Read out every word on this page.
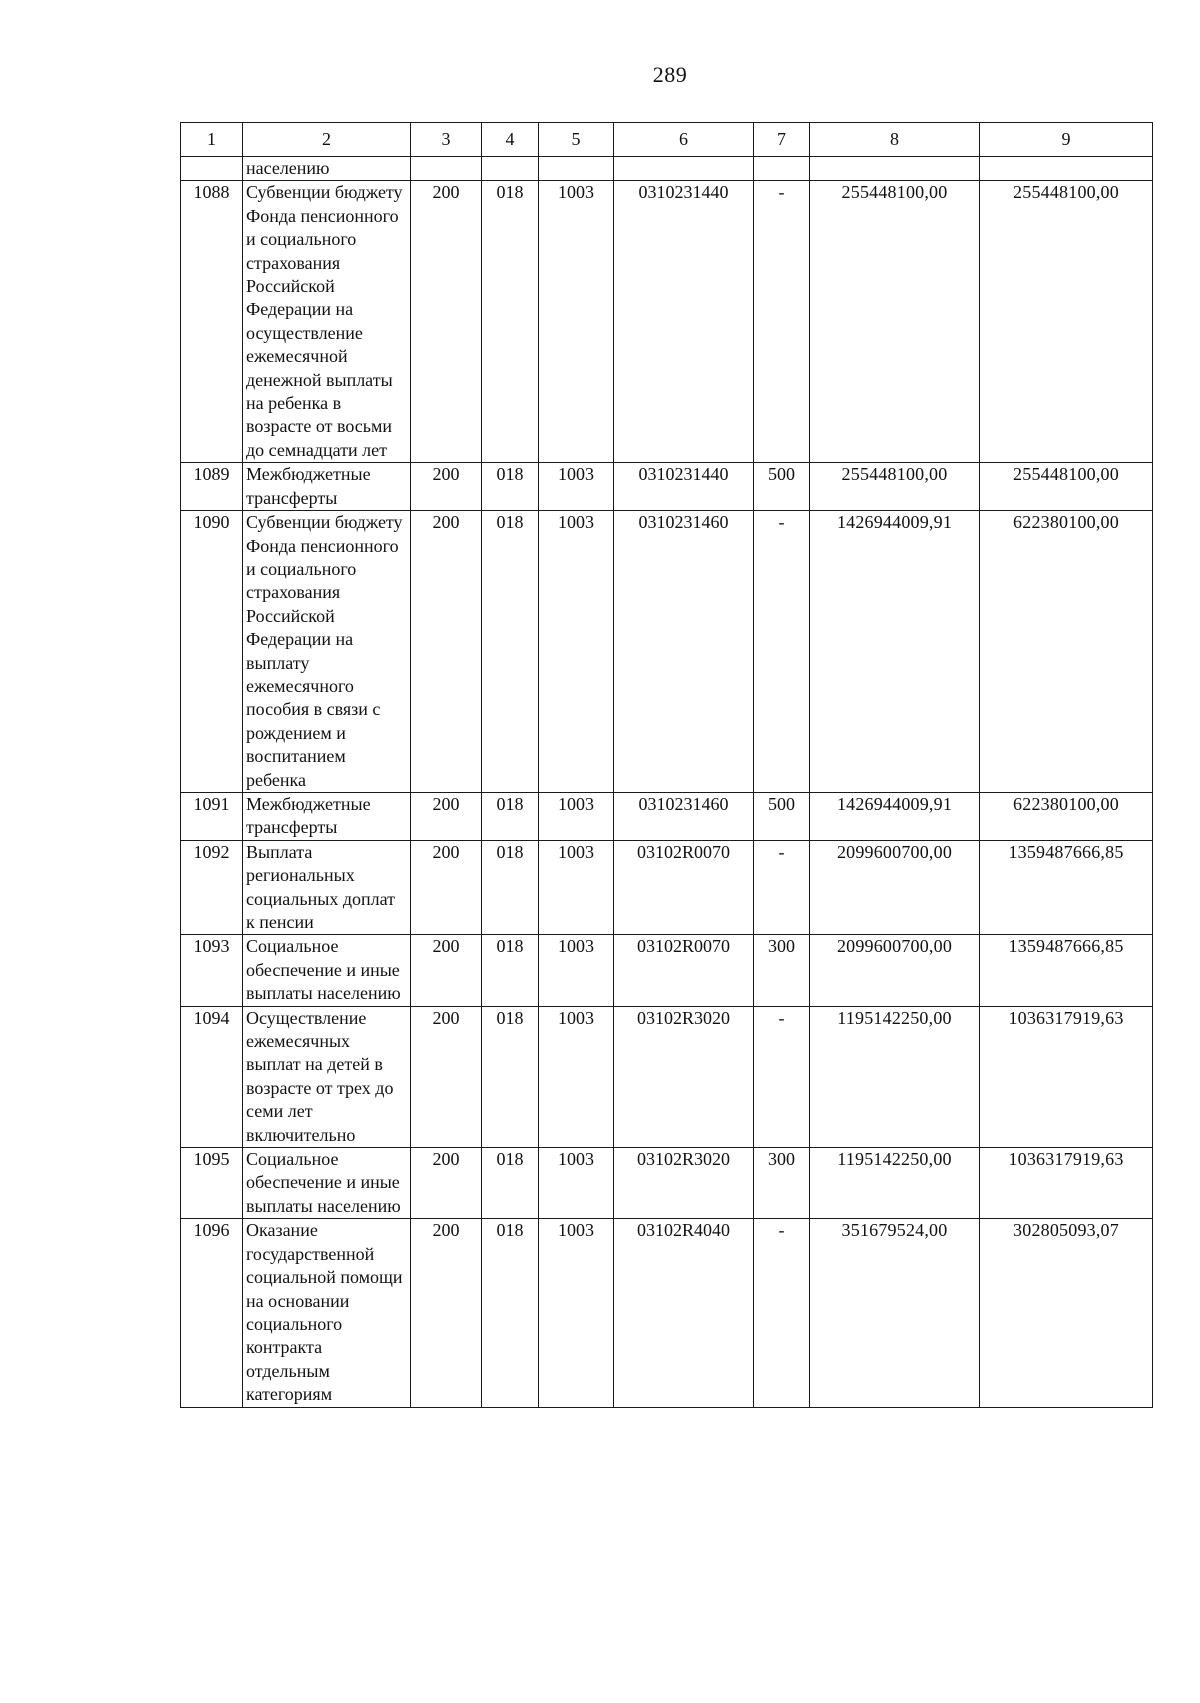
289
1	2	3	4	5	6	7	8	9
	населению							
1088	Субвенции бюджету Фонда пенсионного и социального страхования Российской Федерации на осуществление ежемесячной денежной выплаты на ребенка в возрасте от восьми до семнадцати лет	200	018	1003	0310231440	-	255448100,00	255448100,00
1089	Межбюджетные трансферты	200	018	1003	0310231440	500	255448100,00	255448100,00
1090	Субвенции бюджету Фонда пенсионного и социального страхования Российской Федерации на выплату ежемесячного пособия в связи с рождением и воспитанием ребенка	200	018	1003	0310231460	-	1426944009,91	622380100,00
1091	Межбюджетные трансферты	200	018	1003	0310231460	500	1426944009,91	622380100,00
1092	Выплата региональных социальных доплат к пенсии	200	018	1003	03102R0070	-	2099600700,00	1359487666,85
1093	Социальное обеспечение и иные выплаты населению	200	018	1003	03102R0070	300	2099600700,00	1359487666,85
1094	Осуществление ежемесячных выплат на детей в возрасте от трех до семи лет включительно	200	018	1003	03102R3020	-	1195142250,00	1036317919,63
1095	Социальное обеспечение и иные выплаты населению	200	018	1003	03102R3020	300	1195142250,00	1036317919,63
1096	Оказание государственной социальной помощи на основании социального контракта отдельным категориям	200	018	1003	03102R4040	-	351679524,00	302805093,07
